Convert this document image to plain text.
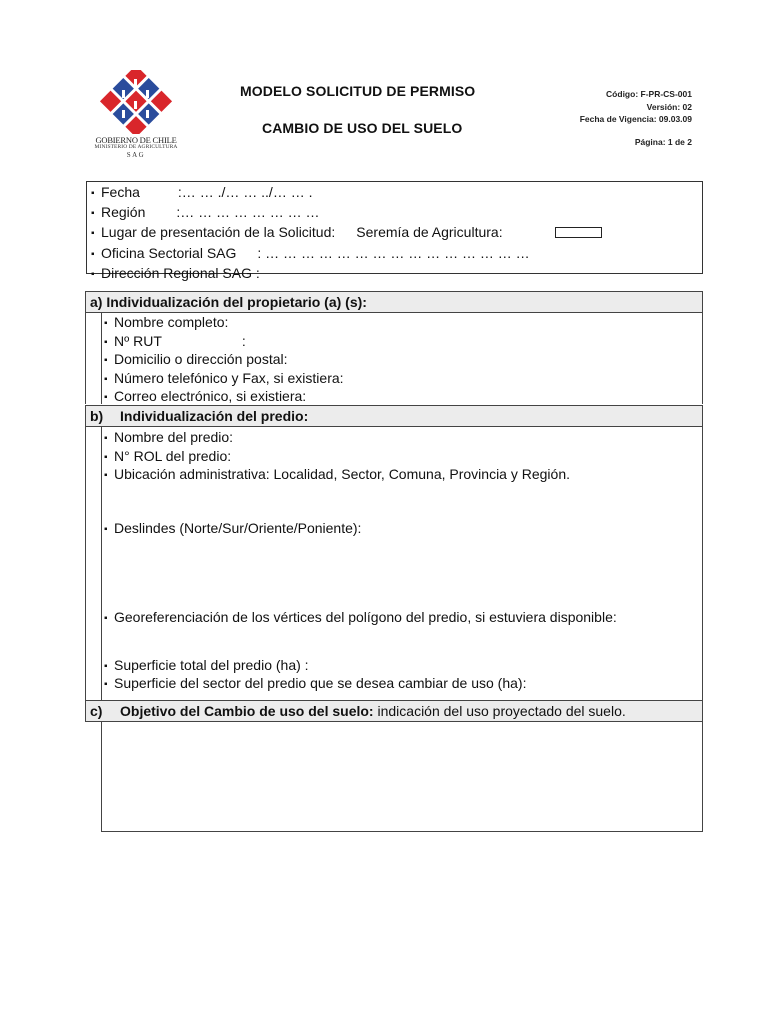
GOBIERNO DE CHILE
MINISTERIO DE AGRICULTURA
SAG
MODELO SOLICITUD DE PERMISO
CAMBIO DE USO DEL SUELO
Código: F-PR-CS-001
Versión: 02
Fecha de Vigencia: 09.03.09
Página: 1 de 2
▪ Fecha	:… … ./… … ../… … .
▪ Región :… … … … … … … …
▪ Lugar de presentación de la Solicitud: Seremía de Agricultura:
▪ Oficina Sectorial SAG : … … … … … … … … … … … … … … …
▪ Dirección Regional SAG :
a) Individualización del propietario (a) (s):
▪ Nombre completo:
▪ Nº RUT	:
▪ Domicilio o dirección postal:
▪ Número telefónico y Fax, si existiera:
▪ Correo electrónico, si existiera:
b) Individualización del predio:
▪ Nombre del predio:
▪ N° ROL del predio:
▪ Ubicación administrativa: Localidad, Sector, Comuna, Provincia y Región.
▪ Deslindes (Norte/Sur/Oriente/Poniente):
▪ Georeferenciación de los vértices del polígono del predio, si estuviera disponible:
▪ Superficie total del predio (ha) :
▪ Superficie del sector del predio que se desea cambiar de uso (ha):
c) Objetivo del Cambio de uso del suelo: indicación del uso proyectado del suelo.
